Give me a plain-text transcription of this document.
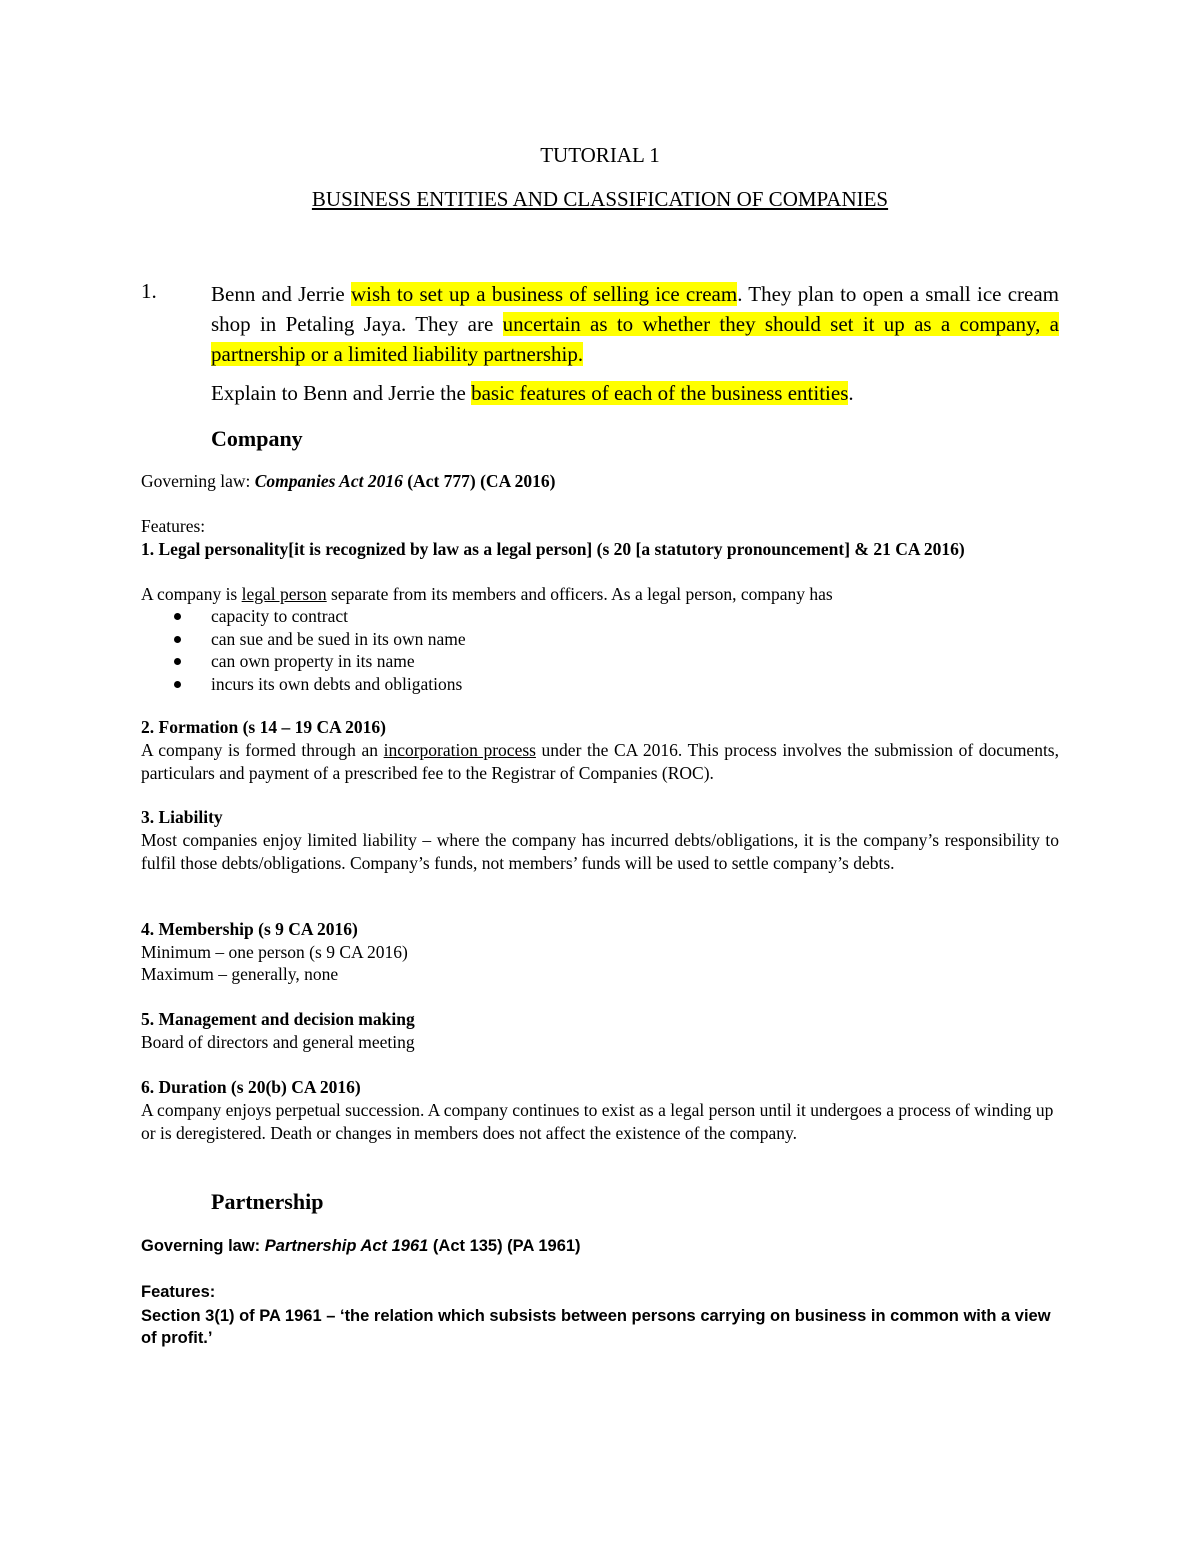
TUTORIAL 1
BUSINESS ENTITIES AND CLASSIFICATION OF COMPANIES
1.	Benn and Jerrie wish to set up a business of selling ice cream. They plan to open a small ice cream shop in Petaling Jaya. They are uncertain as to whether they should set it up as a company, a partnership or a limited liability partnership.
Explain to Benn and Jerrie the basic features of each of the business entities.
Company
Governing law: Companies Act 2016 (Act 777) (CA 2016)
Features:
1. Legal personality[it is recognized by law as a legal person] (s 20 [a statutory pronouncement] & 21 CA 2016)
A company is legal person separate from its members and officers. As a legal person, company has
capacity to contract
can sue and be sued in its own name
can own property in its name
incurs its own debts and obligations
2. Formation (s 14 – 19 CA 2016)
A company is formed through an incorporation process under the CA 2016. This process involves the submission of documents, particulars and payment of a prescribed fee to the Registrar of Companies (ROC).
3. Liability
Most companies enjoy limited liability – where the company has incurred debts/obligations, it is the company’s responsibility to fulfil those debts/obligations. Company’s funds, not members’ funds will be used to settle company’s debts.
4. Membership (s 9 CA 2016)
Minimum – one person (s 9 CA 2016)
Maximum – generally, none
5. Management and decision making
Board of directors and general meeting
6. Duration (s 20(b) CA 2016)
A company enjoys perpetual succession. A company continues to exist as a legal person until it undergoes a process of winding up or is deregistered. Death or changes in members does not affect the existence of the company.
Partnership
Governing law: Partnership Act 1961 (Act 135) (PA 1961)
Features:
Section 3(1) of PA 1961 – ‘the relation which subsists between persons carrying on business in common with a view of profit.’
